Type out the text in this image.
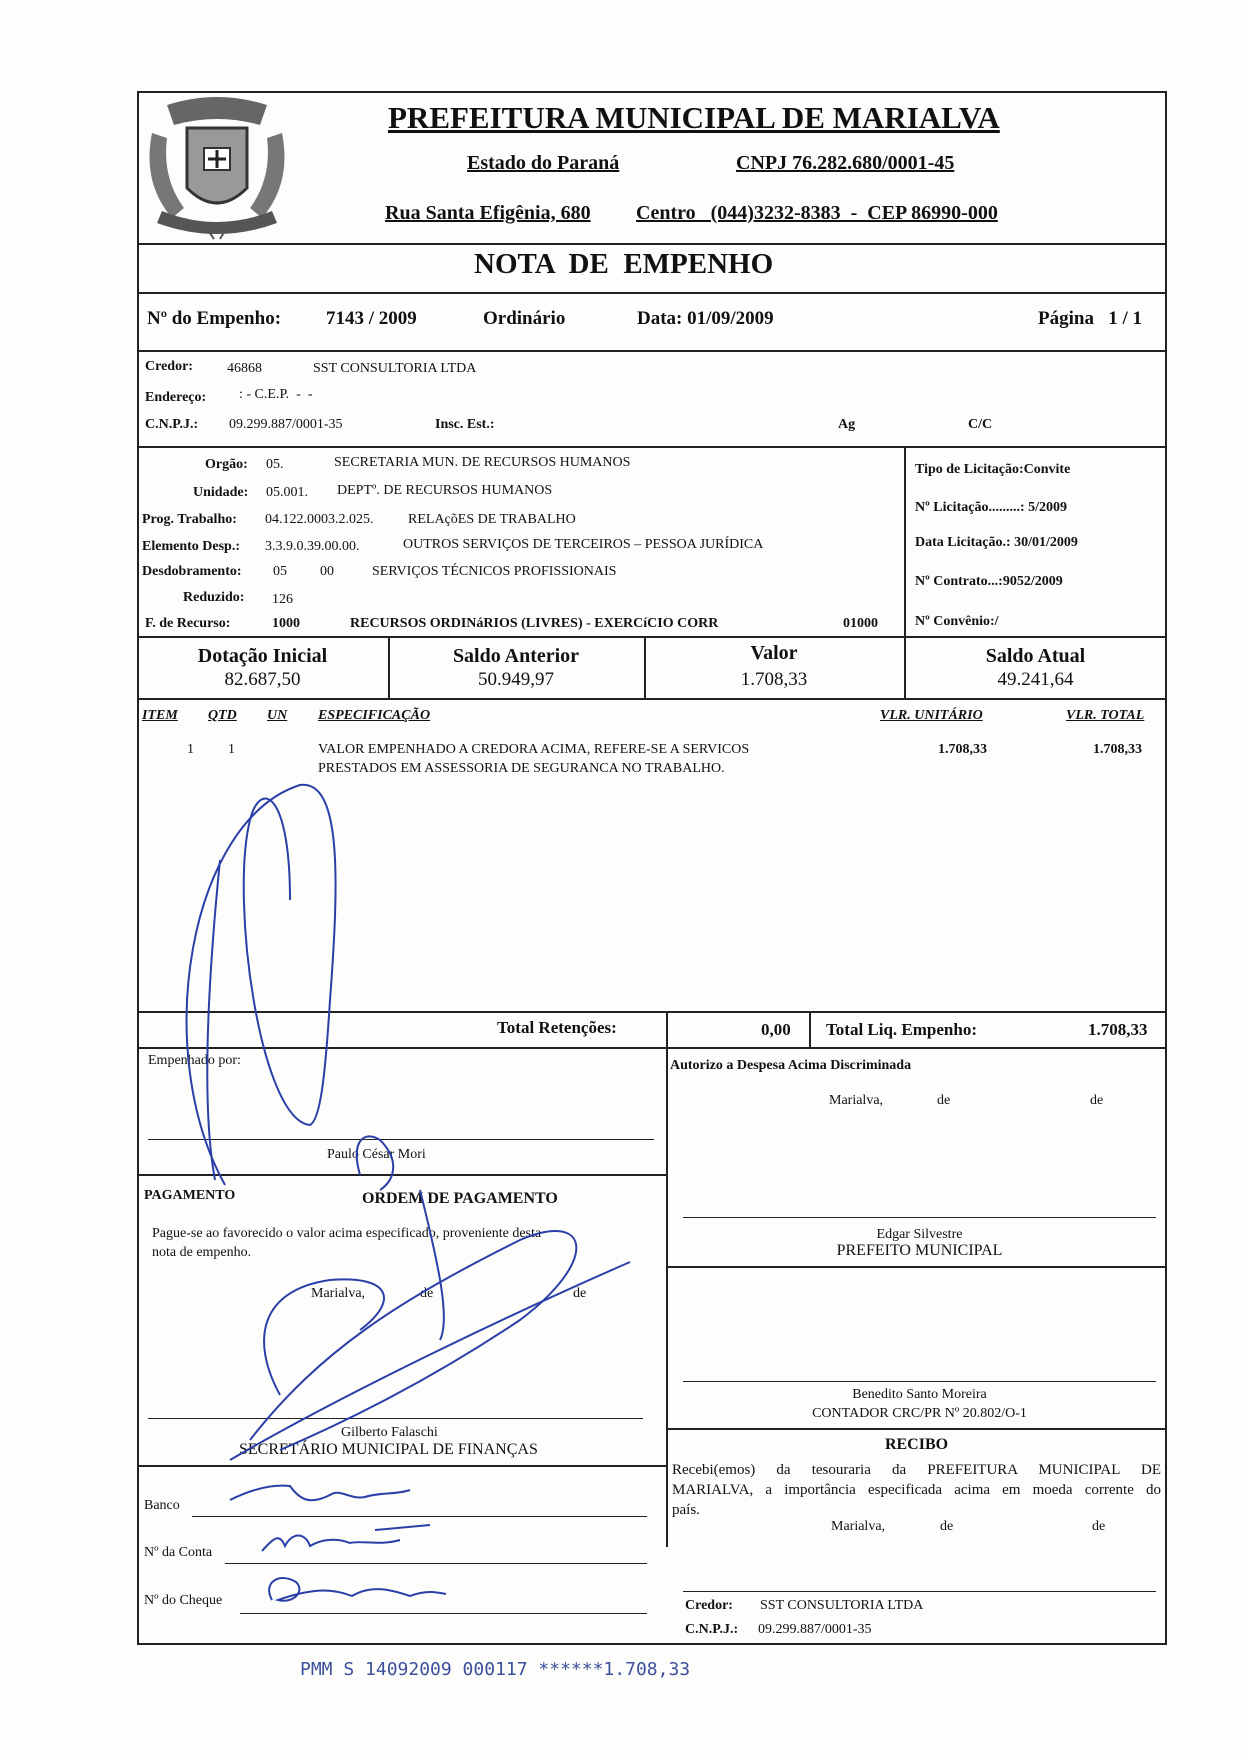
PREFEITURA MUNICIPAL DE MARIALVA
Estado do Paraná	CNPJ 76.282.680/0001-45
Rua Santa Efigênia, 680 Centro   (044)3232-8383  -  CEP 86990-000
NOTA  DE  EMPENHO
Nº do Empenho: 7143 / 2009	Ordinário	Data: 01/09/2009	Página   1 / 1
Credor: 46868	SST CONSULTORIA LTDA
Endereço: : - C.E.P.  -  -
C.N.P.J.: 09.299.887/0001-35	Insc. Est.:	Ag	C/C
Orgão: 05.	SECRETARIA MUN. DE RECURSOS HUMANOS
Unidade: 05.001. DEPTº. DE RECURSOS HUMANOS
Prog. Trabalho: 04.122.0003.2.025. RELAçõES DE TRABALHO
Elemento Desp.: 3.3.9.0.39.00.00.	OUTROS SERVIÇOS DE TERCEIROS – PESSOA JURÍDICA
Desdobramento: 05 00	SERVIÇOS TÉCNICOS PROFISSIONAIS
Reduzido: 126
F. de Recurso:	1000	RECURSOS ORDINáRIOS (LIVRES) - EXERCíCIO CORR	01000
Tipo de Licitação:Convite
Nº Licitação.........: 5/2009
Data Licitação.: 30/01/2009
Nº Contrato...:9052/2009
Nº Convênio:/
Dotação Inicial
82.687,50
Saldo Anterior
50.949,97
Valor
1.708,33
Saldo Atual
49.241,64
ITEM QTD UN ESPECIFICAÇÃO	VLR. UNITÁRIO	VLR. TOTAL
1 1	VALOR EMPENHADO A CREDORA ACIMA, REFERE-SE A SERVICOS
PRESTADOS EM ASSESSORIA DE SEGURANCA NO TRABALHO.
1.708,33	1.708,33
Total Retenções:	0,00 Total Liq. Empenho:	1.708,33
Empenhado por:
Paulo César Mori
PAGAMENTO	ORDEM DE PAGAMENTO
Pague-se ao favorecido o valor acima especificado, proveniente desta
nota de empenho.
Marialva,	de	de
Gilberto Falaschi
SECRETÁRIO MUNICIPAL DE FINANÇAS
Banco
Nº da Conta
Nº do Cheque
Autorizo a Despesa Acima Discriminada
Marialva,	de	de
Edgar Silvestre
PREFEITO MUNICIPAL
Benedito Santo Moreira
CONTADOR CRC/PR Nº 20.802/O-1
RECIBO
Recebi(emos) da tesouraria da PREFEITURA MUNICIPAL DE
MARIALVA, a importância especificada acima em moeda corrente do
país.
Marialva,	de	de
Credor: SST CONSULTORIA LTDA
C.N.P.J.: 09.299.887/0001-35
PMM S 14092009 000117 ******1.708,33
